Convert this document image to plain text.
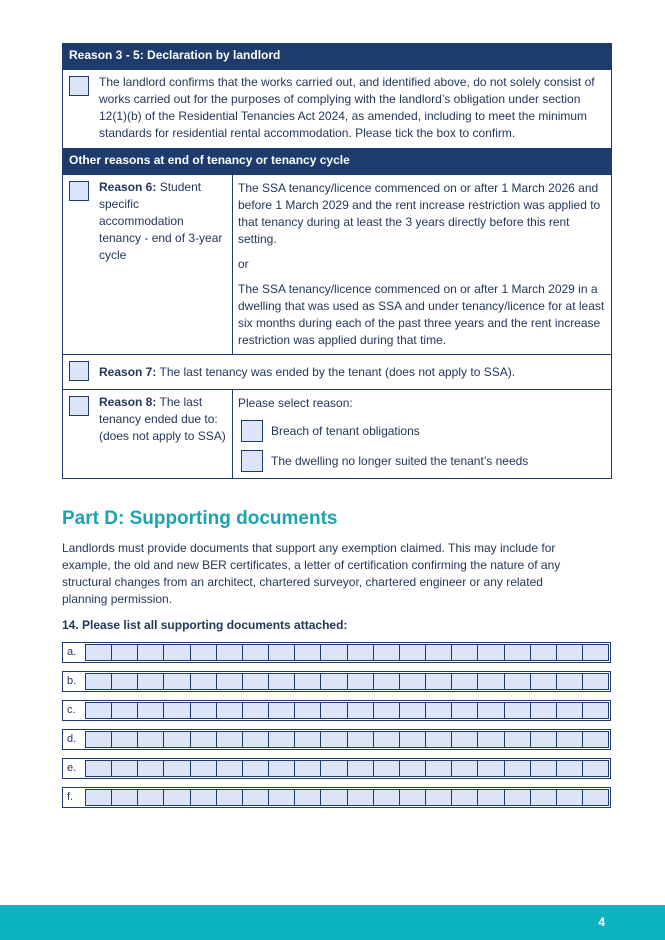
Reason 3 - 5: Declaration by landlord	

The landlord confirms that the works carried out, and identified above, do not solely consist of works carried out for the purposes of complying with the landlord’s obligation under section 12(1)(b) of the Residential Tenancies Act 2024, as amended, including to meet the minimum standards for residential rental accommodation. Please tick the box to confirm.	

Other reasons at end of tenancy or tenancy cycle	

Reason 6: Student specific accommodation tenancy - end of 3-year cycle	The SSA tenancy/licence commenced on or after 1 March 2026 and before 1 March 2029 and the rent increase restriction was applied to that tenancy during at least the 3 years directly before this rent setting.

or

The SSA tenancy/licence commenced on or after 1 March 2029 in a dwelling that was used as SSA and under tenancy/licence for at least six months during each of the past three years and the rent increase restriction was applied during that time.

Reason 7: The last tenancy was ended by the tenant (does not apply to SSA).	

Reason 8: The last tenancy ended due to: (does not apply to SSA)	Please select reason:

Breach of tenant obligations
The dwelling no longer suited the tenant’s needs
Part D: Supporting documents
Landlords must provide documents that support any exemption claimed. This may include for example, the old and new BER certificates, a letter of certification confirming the nature of any structural changes from an architect, chartered surveyor, chartered engineer or any related planning permission.
14. Please list all supporting documents attached:
a.
b.
c.
d.
e.
f.
4
